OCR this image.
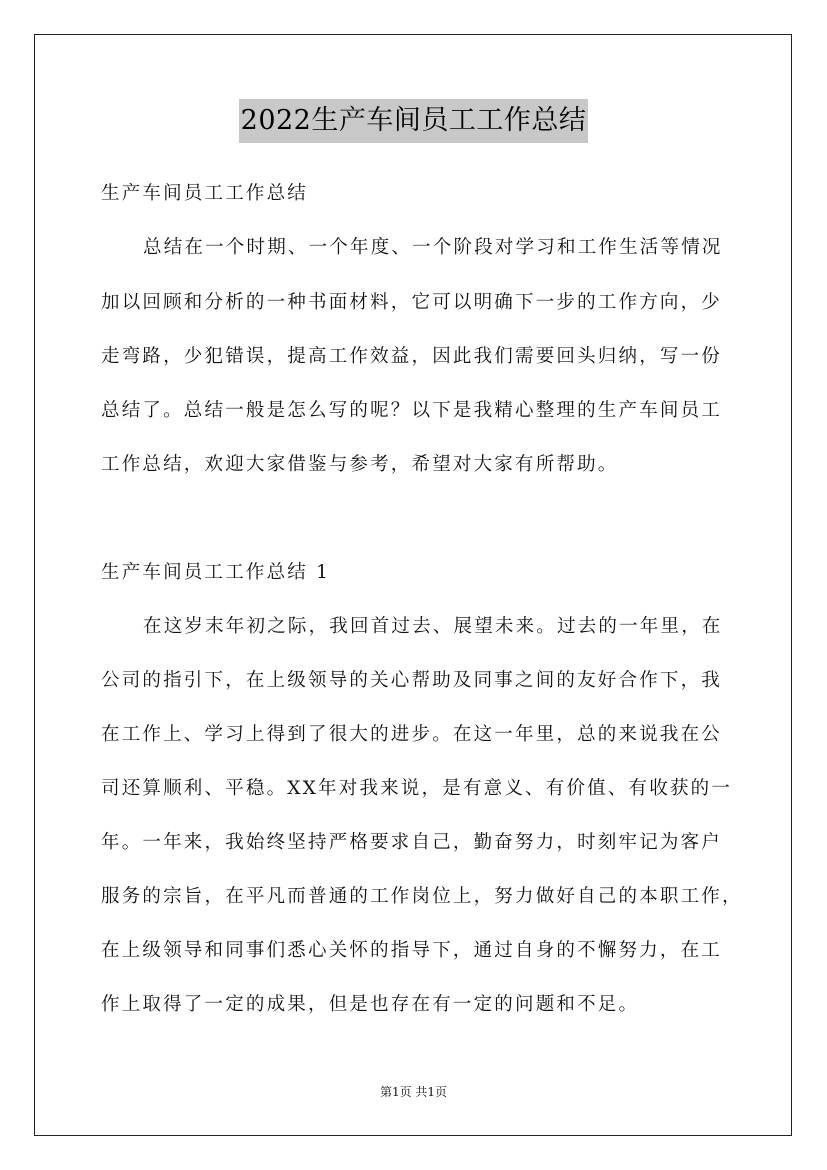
2022生产车间员工工作总结
生产车间员工工作总结
总结在一个时期、一个年度、一个阶段对学习和工作生活等情况
加以回顾和分析的一种书面材料，它可以明确下一步的工作方向，少
走弯路，少犯错误，提高工作效益，因此我们需要回头归纳，写一份
总结了。总结一般是怎么写的呢？以下是我精心整理的生产车间员工
工作总结，欢迎大家借鉴与参考，希望对大家有所帮助。
生产车间员工工作总结 1
在这岁末年初之际，我回首过去、展望未来。过去的一年里，在
公司的指引下，在上级领导的关心帮助及同事之间的友好合作下，我
在工作上、学习上得到了很大的进步。在这一年里，总的来说我在公
司还算顺利、平稳。XX年对我来说，是有意义、有价值、有收获的一
年。一年来，我始终坚持严格要求自己，勤奋努力，时刻牢记为客户
服务的宗旨，在平凡而普通的工作岗位上，努力做好自己的本职工作，
在上级领导和同事们悉心关怀的指导下，通过自身的不懈努力，在工
作上取得了一定的成果，但是也存在有一定的问题和不足。
第1页 共1页
